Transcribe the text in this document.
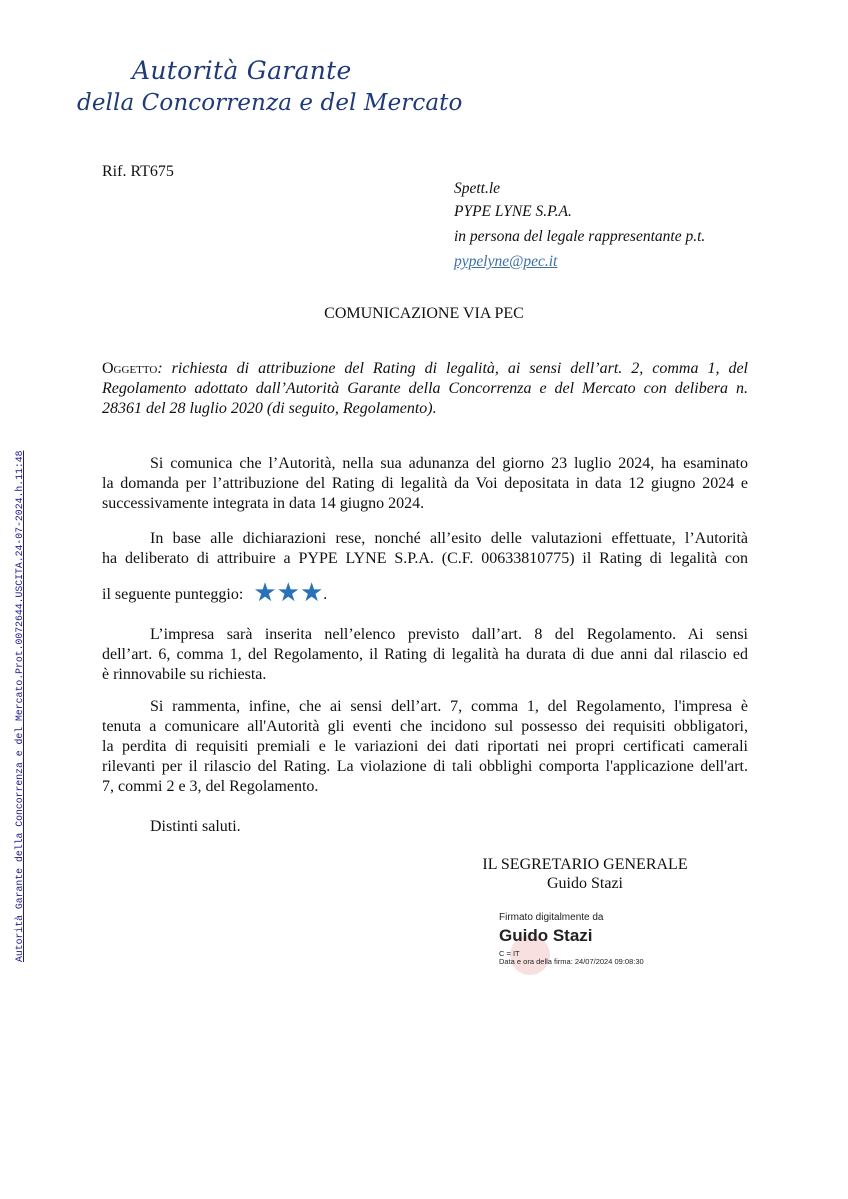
Autorità Garante
della Concorrenza e del Mercato
Autorità Garante della Concorrenza e del Mercato.Prot.0072644.USCITA.24-07-2024.h.11:48
Rif. RT675
Spett.le
PYPE LYNE S.P.A.
in persona del legale rappresentante p.t.
pypelyne@pec.it
COMUNICAZIONE VIA PEC
Oggetto: richiesta di attribuzione del Rating di legalità, ai sensi dell’art. 2, comma 1, del
Regolamento adottato dall’Autorità Garante della Concorrenza e del Mercato con delibera n.
28361 del 28 luglio 2020 (di seguito, Regolamento).
Si comunica che l’Autorità, nella sua adunanza del giorno 23 luglio 2024, ha esaminato
la domanda per l’attribuzione del Rating di legalità da Voi depositata in data 12 giugno 2024 e
successivamente integrata in data 14 giugno 2024.
In base alle dichiarazioni rese, nonché all’esito delle valutazioni effettuate, l’Autorità
ha deliberato di attribuire a PYPE LYNE S.P.A. (C.F. 00633810775) il Rating di legalità con
il seguente punteggio: ★★★.
L’impresa sarà inserita nell’elenco previsto dall’art. 8 del Regolamento. Ai sensi
dell’art. 6, comma 1, del Regolamento, il Rating di legalità ha durata di due anni dal rilascio ed
è rinnovabile su richiesta.
Si rammenta, infine, che ai sensi dell’art. 7, comma 1, del Regolamento, l'impresa è
tenuta a comunicare all'Autorità gli eventi che incidono sul possesso dei requisiti obbligatori,
la perdita di requisiti premiali e le variazioni dei dati riportati nei propri certificati camerali
rilevanti per il rilascio del Rating. La violazione di tali obblighi comporta l'applicazione dell'art.
7, commi 2 e 3, del Regolamento.
Distinti saluti.
IL SEGRETARIO GENERALE
Guido Stazi
Firmato digitalmente da
Guido Stazi
C = IT
Data e ora della firma: 24/07/2024 09:08:30
